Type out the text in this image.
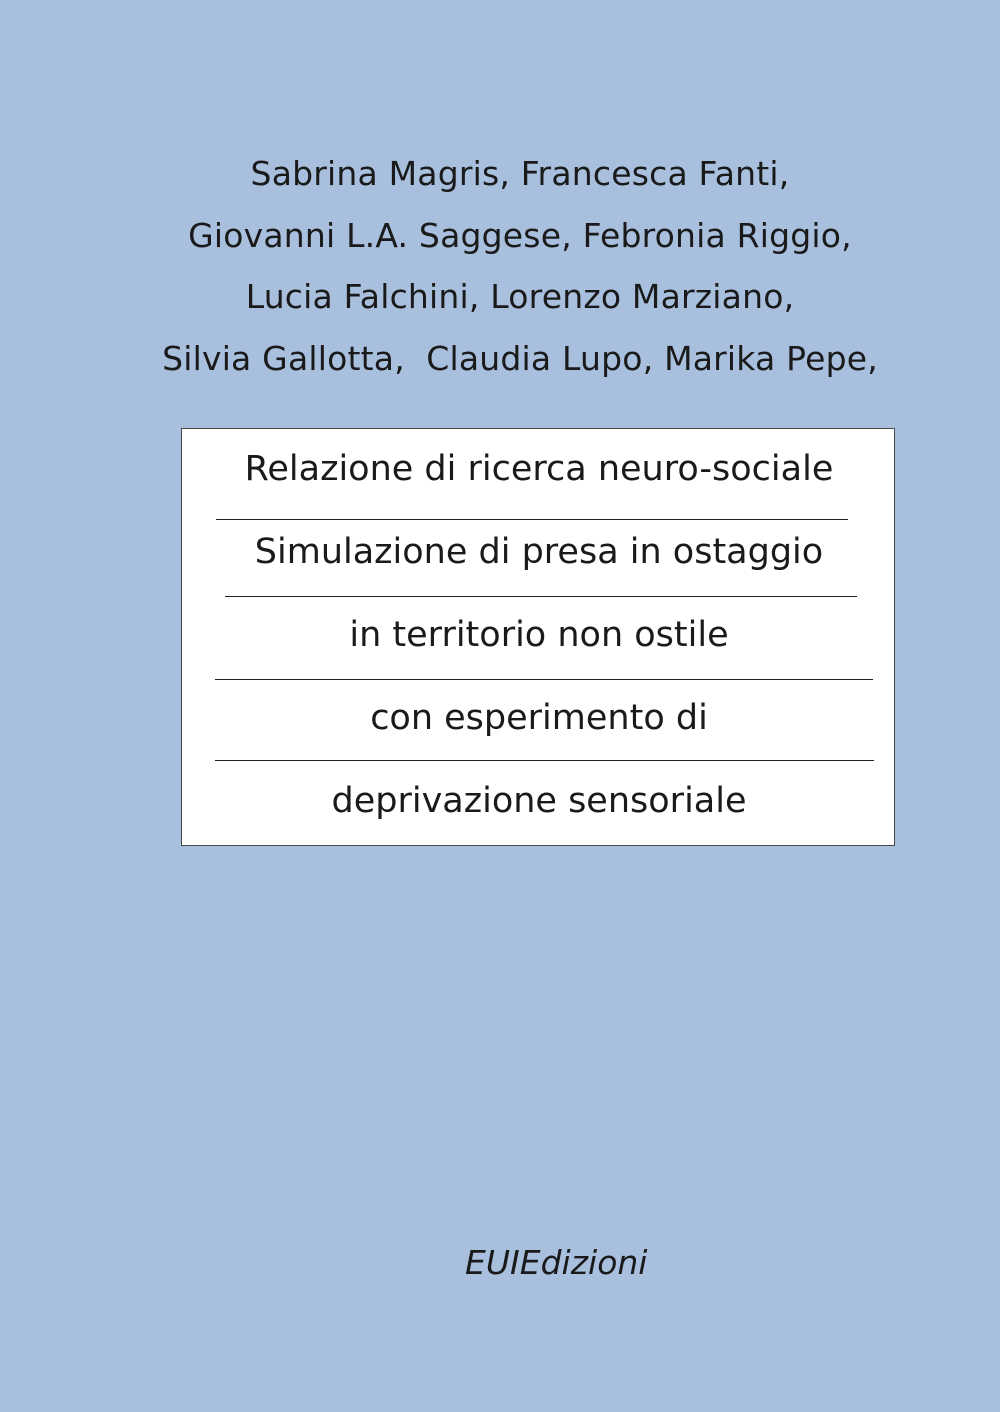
Sabrina Magris, Francesca Fanti,
Giovanni L.A. Saggese, Febronia Riggio,
Lucia Falchini, Lorenzo Marziano,
Silvia Gallotta,  Claudia Lupo, Marika Pepe,
Relazione di ricerca neuro-sociale
Simulazione di presa in ostaggio
in territorio non ostile
con esperimento di
deprivazione sensoriale
EUIEdizioni
